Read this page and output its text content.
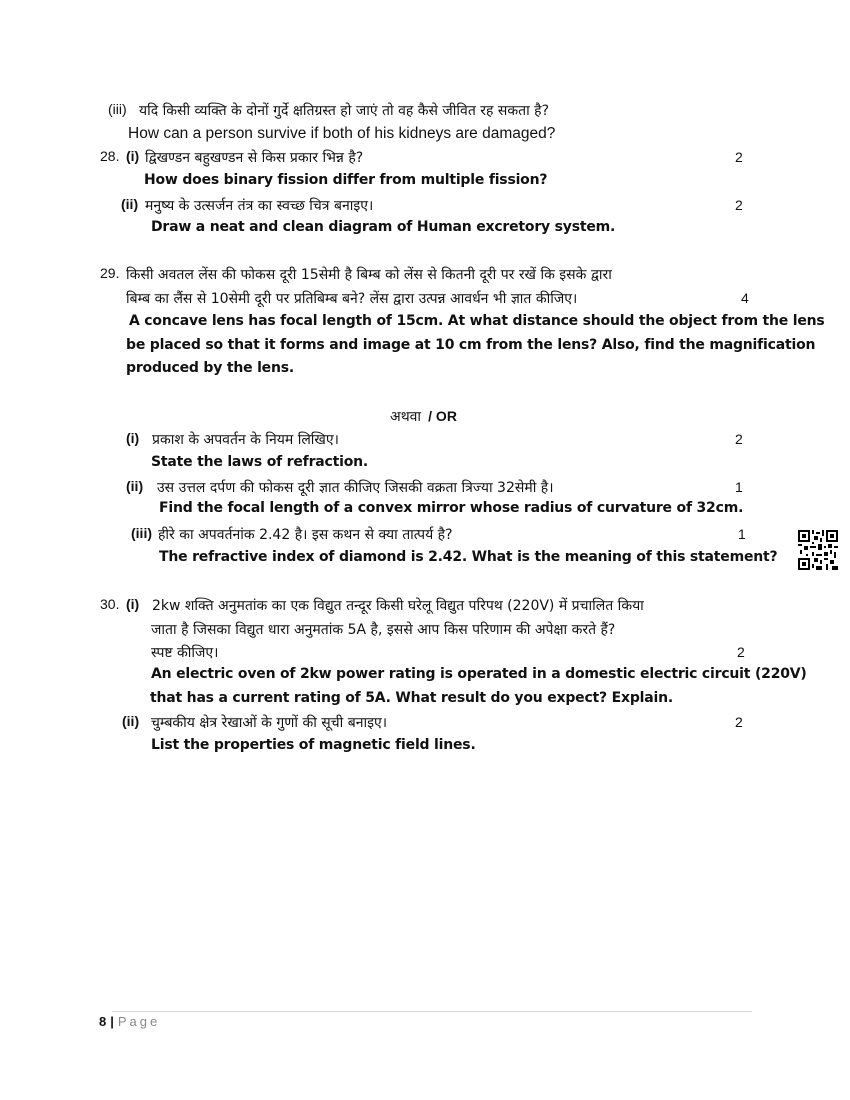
(iii) यदि किसी व्यक्ति के दोनों गुर्दे क्षतिग्रस्त हो जाएं तो वह कैसे जीवित रह सकता है?
How can a person survive if both of his kidneys are damaged?
28. (i) द्विखण्डन बहुखण्डन से किस प्रकार भिन्न है?	2
How does binary fission differ from multiple fission?
(ii) मनुष्य के उत्सर्जन तंत्र का स्वच्छ चित्र बनाइए।	2
Draw a neat and clean diagram of Human excretory system.
29. किसी अवतल लेंस की फोकस दूरी 15सेमी है बिम्ब को लेंस से कितनी दूरी पर रखें कि इसके द्वारा
बिम्ब का लैंस से 10सेमी दूरी पर प्रतिबिम्ब बने? लेंस द्वारा उत्पन्न आवर्धन भी ज्ञात कीजिए।	4
A concave lens has focal length of 15cm. At what distance should the object from the lens
be placed so that it forms and image at 10 cm from the lens? Also, find the magnification
produced by the lens.
अथवा / OR
(i) प्रकाश के अपवर्तन के नियम लिखिए।	2
State the laws of refraction.
(ii) उस उत्तल दर्पण की फोकस दूरी ज्ञात कीजिए जिसकी वक्रता त्रिज्या 32सेमी है।	1
Find the focal length of a convex mirror whose radius of curvature of 32cm.
(iii) हीरे का अपवर्तनांक 2.42 है। इस कथन से क्या तात्पर्य है?	1
The refractive index of diamond is 2.42. What is the meaning of this statement?
30. (i) 2kw शक्ति अनुमतांक का एक विद्युत तन्दूर किसी घरेलू विद्युत परिपथ (220V) में प्रचालित किया
जाता है जिसका विद्युत धारा अनुमतांक 5A है, इससे आप किस परिणाम की अपेक्षा करते हैं?
स्पष्ट कीजिए।	2
An electric oven of 2kw power rating is operated in a domestic electric circuit (220V)
that has a current rating of 5A. What result do you expect? Explain.
(ii) चुम्बकीय क्षेत्र रेखाओं के गुणों की सूची बनाइए।	2
List the properties of magnetic field lines.
8 | Page
